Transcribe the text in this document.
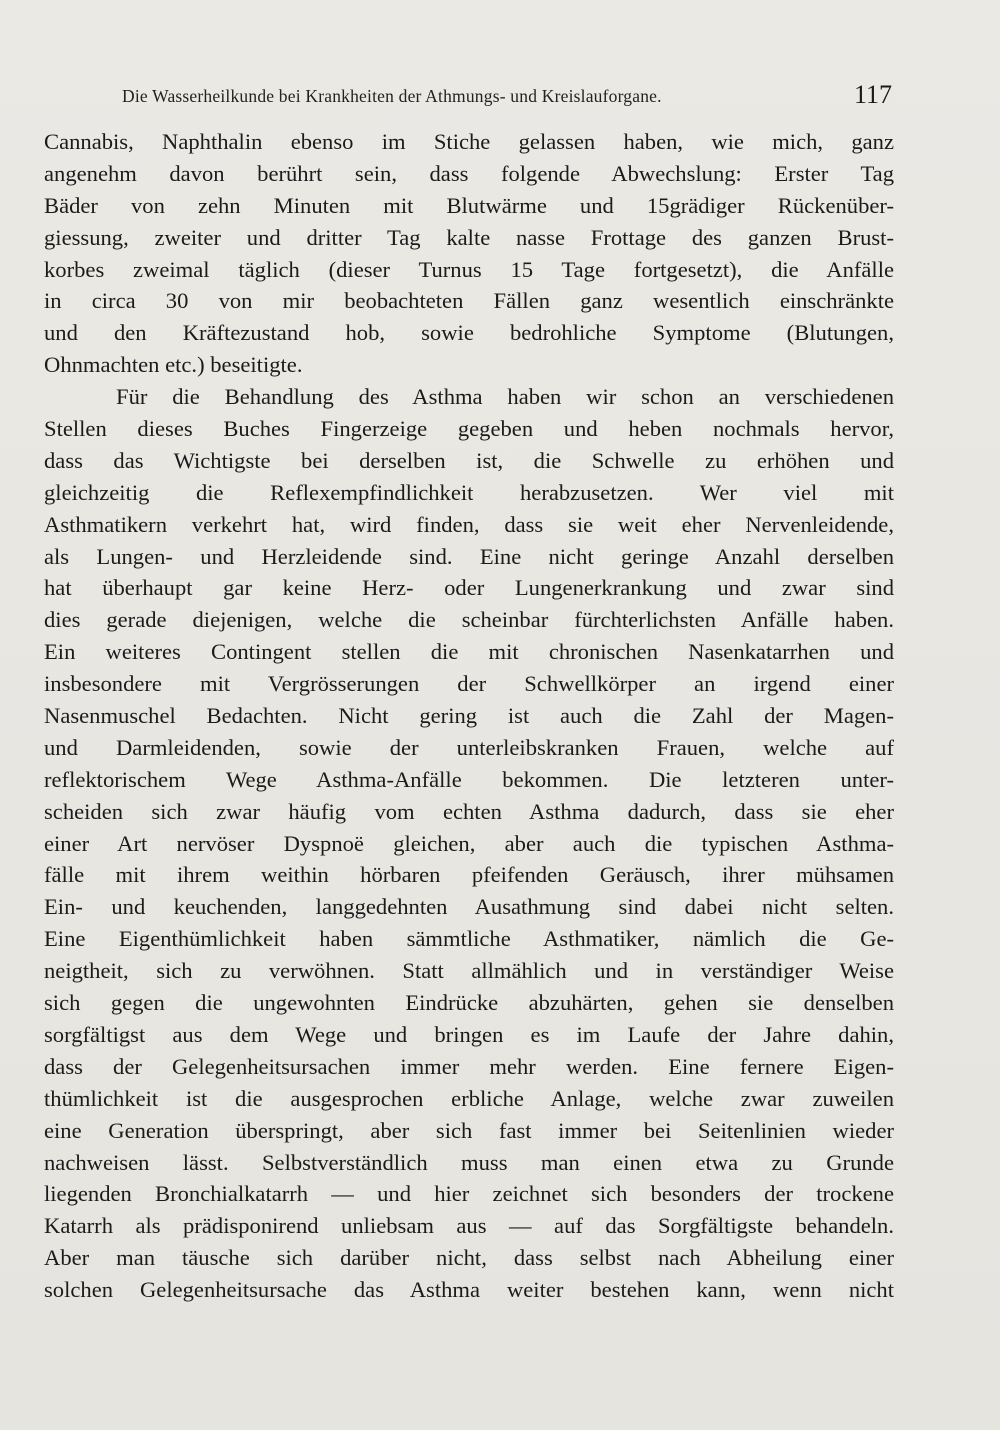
Die Wasserheilkunde bei Krankheiten der Athmungs- und Kreislauforgane.	117
Cannabis, Naphthalin ebenso im Stiche gelassen haben, wie mich, ganz
angenehm davon berührt sein, dass folgende Abwechslung: Erster Tag
Bäder von zehn Minuten mit Blutwärme und 15grädiger Rückenüber-
giessung, zweiter und dritter Tag kalte nasse Frottage des ganzen Brust-
korbes zweimal täglich (dieser Turnus 15 Tage fortgesetzt), die Anfälle
in circa 30 von mir beobachteten Fällen ganz wesentlich einschränkte
und den Kräftezustand hob, sowie bedrohliche Symptome (Blutungen,
Ohnmachten etc.) beseitigte.
Für die Behandlung des Asthma haben wir schon an verschiedenen
Stellen dieses Buches Fingerzeige gegeben und heben nochmals hervor,
dass das Wichtigste bei derselben ist, die Schwelle zu erhöhen und
gleichzeitig die Reflexempfindlichkeit herabzusetzen. Wer viel mit
Asthmatikern verkehrt hat, wird finden, dass sie weit eher Nervenleidende,
als Lungen- und Herzleidende sind. Eine nicht geringe Anzahl derselben
hat überhaupt gar keine Herz- oder Lungenerkrankung und zwar sind
dies gerade diejenigen, welche die scheinbar fürchterlichsten Anfälle haben.
Ein weiteres Contingent stellen die mit chronischen Nasenkatarrhen und
insbesondere mit Vergrösserungen der Schwellkörper an irgend einer
Nasenmuschel Bedachten. Nicht gering ist auch die Zahl der Magen-
und Darmleidenden, sowie der unterleibskranken Frauen, welche auf
reflektorischem Wege Asthma-Anfälle bekommen. Die letzteren unter-
scheiden sich zwar häufig vom echten Asthma dadurch, dass sie eher
einer Art nervöser Dyspnoë gleichen, aber auch die typischen Asthma-
fälle mit ihrem weithin hörbaren pfeifenden Geräusch, ihrer mühsamen
Ein- und keuchenden, langgedehnten Ausathmung sind dabei nicht selten.
Eine Eigenthümlichkeit haben sämmtliche Asthmatiker, nämlich die Ge-
neigtheit, sich zu verwöhnen. Statt allmählich und in verständiger Weise
sich gegen die ungewohnten Eindrücke abzuhärten, gehen sie denselben
sorgfältigst aus dem Wege und bringen es im Laufe der Jahre dahin,
dass der Gelegenheitsursachen immer mehr werden. Eine fernere Eigen-
thümlichkeit ist die ausgesprochen erbliche Anlage, welche zwar zuweilen
eine Generation überspringt, aber sich fast immer bei Seitenlinien wieder
nachweisen lässt. Selbstverständlich muss man einen etwa zu Grunde
liegenden Bronchialkatarrh — und hier zeichnet sich besonders der trockene
Katarrh als prädisponirend unliebsam aus — auf das Sorgfältigste behandeln.
Aber man täusche sich darüber nicht, dass selbst nach Abheilung einer
solchen Gelegenheitsursache das Asthma weiter bestehen kann, wenn nicht
